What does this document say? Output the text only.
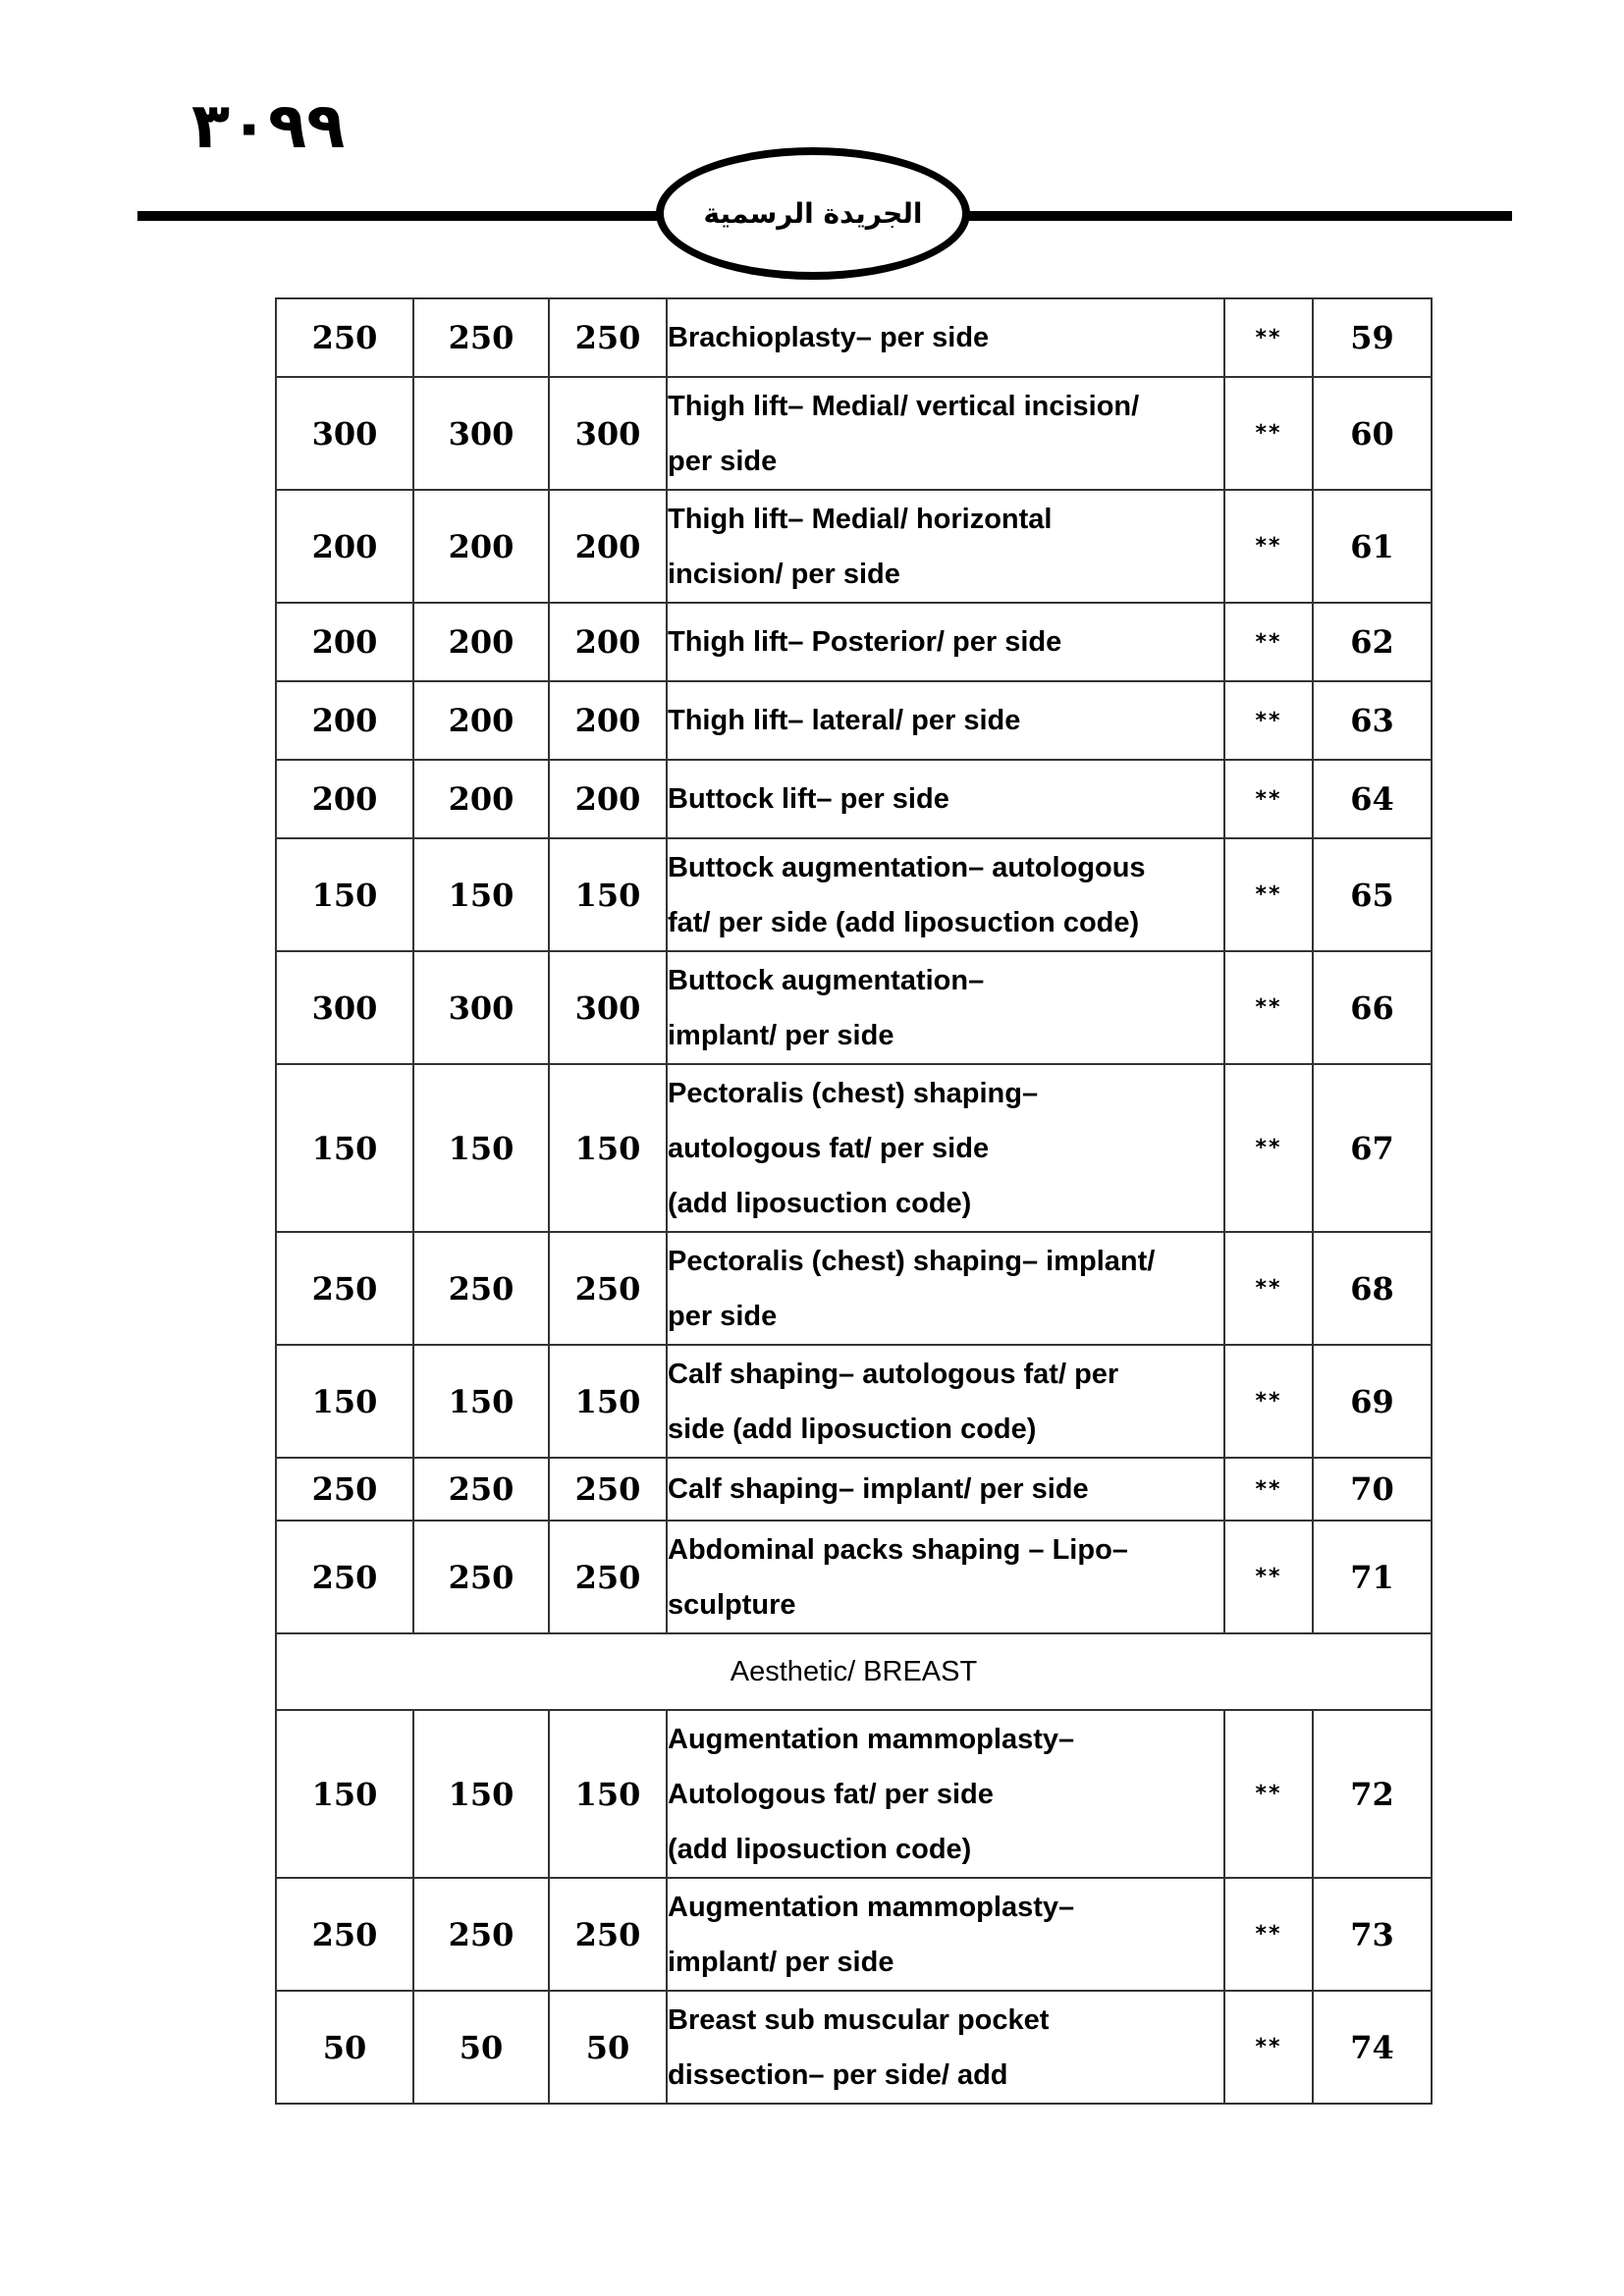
٣٠٩٩
الجريدة الرسمية
250	250	250	Brachioplasty– per side	**	59
300	300	300	Thigh lift– Medial/ vertical incision/
per side	**	60
200	200	200	Thigh lift– Medial/ horizontal
incision/ per side	**	61
200	200	200	Thigh lift– Posterior/ per side	**	62
200	200	200	Thigh lift– lateral/ per side	**	63
200	200	200	Buttock lift– per side	**	64
150	150	150	Buttock augmentation– autologous
fat/ per side (add liposuction code)	**	65
300	300	300	Buttock augmentation–
implant/ per side	**	66
150	150	150	Pectoralis (chest) shaping–
autologous fat/ per side
(add liposuction code)	**	67
250	250	250	Pectoralis (chest) shaping– implant/
per side	**	68
150	150	150	Calf shaping– autologous fat/ per
side (add liposuction code)	**	69
250	250	250	Calf shaping– implant/ per side	**	70
250	250	250	Abdominal packs shaping – Lipo–
sculpture	**	71
Aesthetic/ BREAST					
150	150	150	Augmentation mammoplasty–
Autologous fat/ per side
(add liposuction code)	**	72
250	250	250	Augmentation mammoplasty–
implant/ per side	**	73
50	50	50	Breast sub muscular pocket
dissection– per side/ add	**	74
